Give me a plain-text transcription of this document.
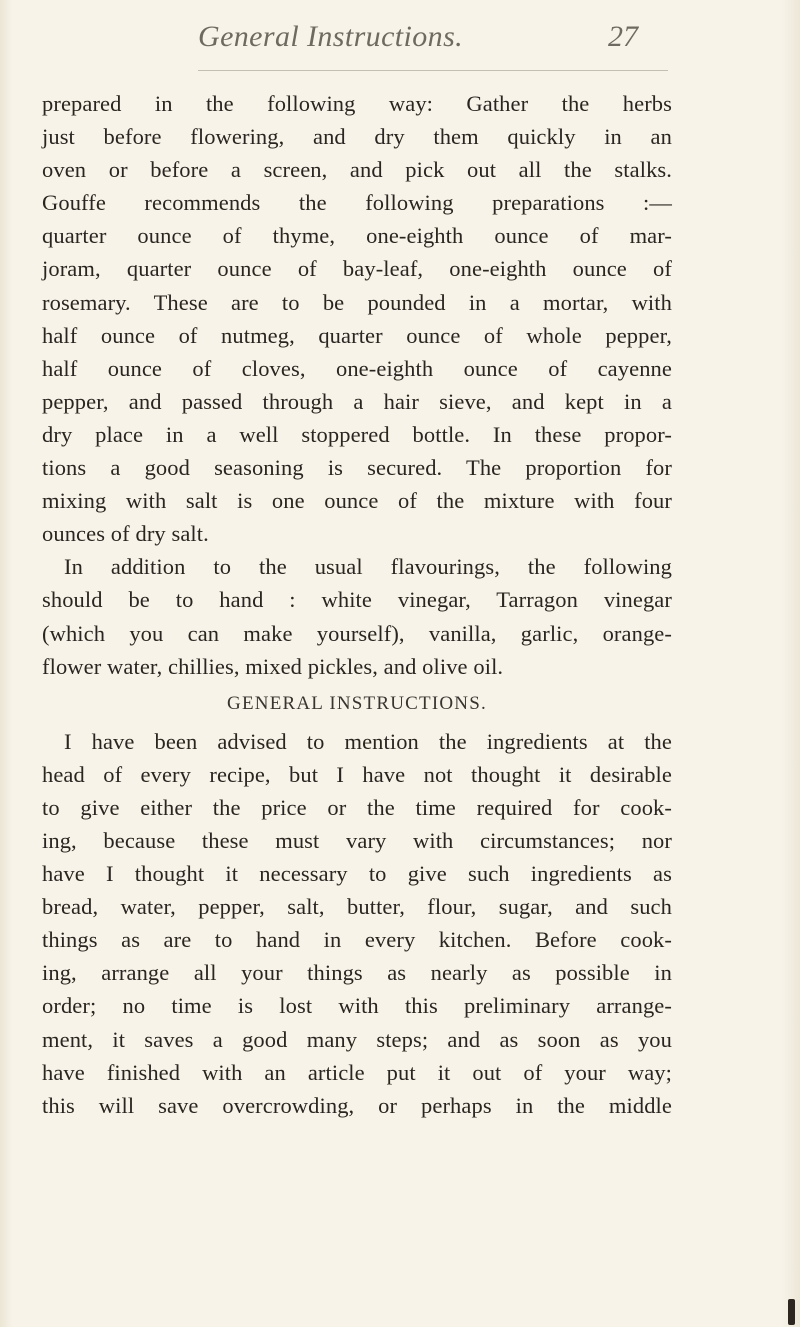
General Instructions.	27
prepared in the following way: Gather the herbs
just before flowering, and dry them quickly in an
oven or before a screen, and pick out all the stalks.
Gouffe recommends the following preparations :—
quarter ounce of thyme, one-eighth ounce of mar-
joram, quarter ounce of bay-leaf, one-eighth ounce of
rosemary. These are to be pounded in a mortar, with
half ounce of nutmeg, quarter ounce of whole pepper,
half ounce of cloves, one-eighth ounce of cayenne
pepper, and passed through a hair sieve, and kept in a
dry place in a well stoppered bottle. In these propor-
tions a good seasoning is secured. The proportion for
mixing with salt is one ounce of the mixture with four
ounces of dry salt.
In addition to the usual flavourings, the following
should be to hand : white vinegar, Tarragon vinegar
(which you can make yourself), vanilla, garlic, orange-
flower water, chillies, mixed pickles, and olive oil.
GENERAL INSTRUCTIONS.
I have been advised to mention the ingredients at the
head of every recipe, but I have not thought it desirable
to give either the price or the time required for cook-
ing, because these must vary with circumstances; nor
have I thought it necessary to give such ingredients as
bread, water, pepper, salt, butter, flour, sugar, and such
things as are to hand in every kitchen. Before cook-
ing, arrange all your things as nearly as possible in
order; no time is lost with this preliminary arrange-
ment, it saves a good many steps; and as soon as you
have finished with an article put it out of your way;
this will save overcrowding, or perhaps in the middle
